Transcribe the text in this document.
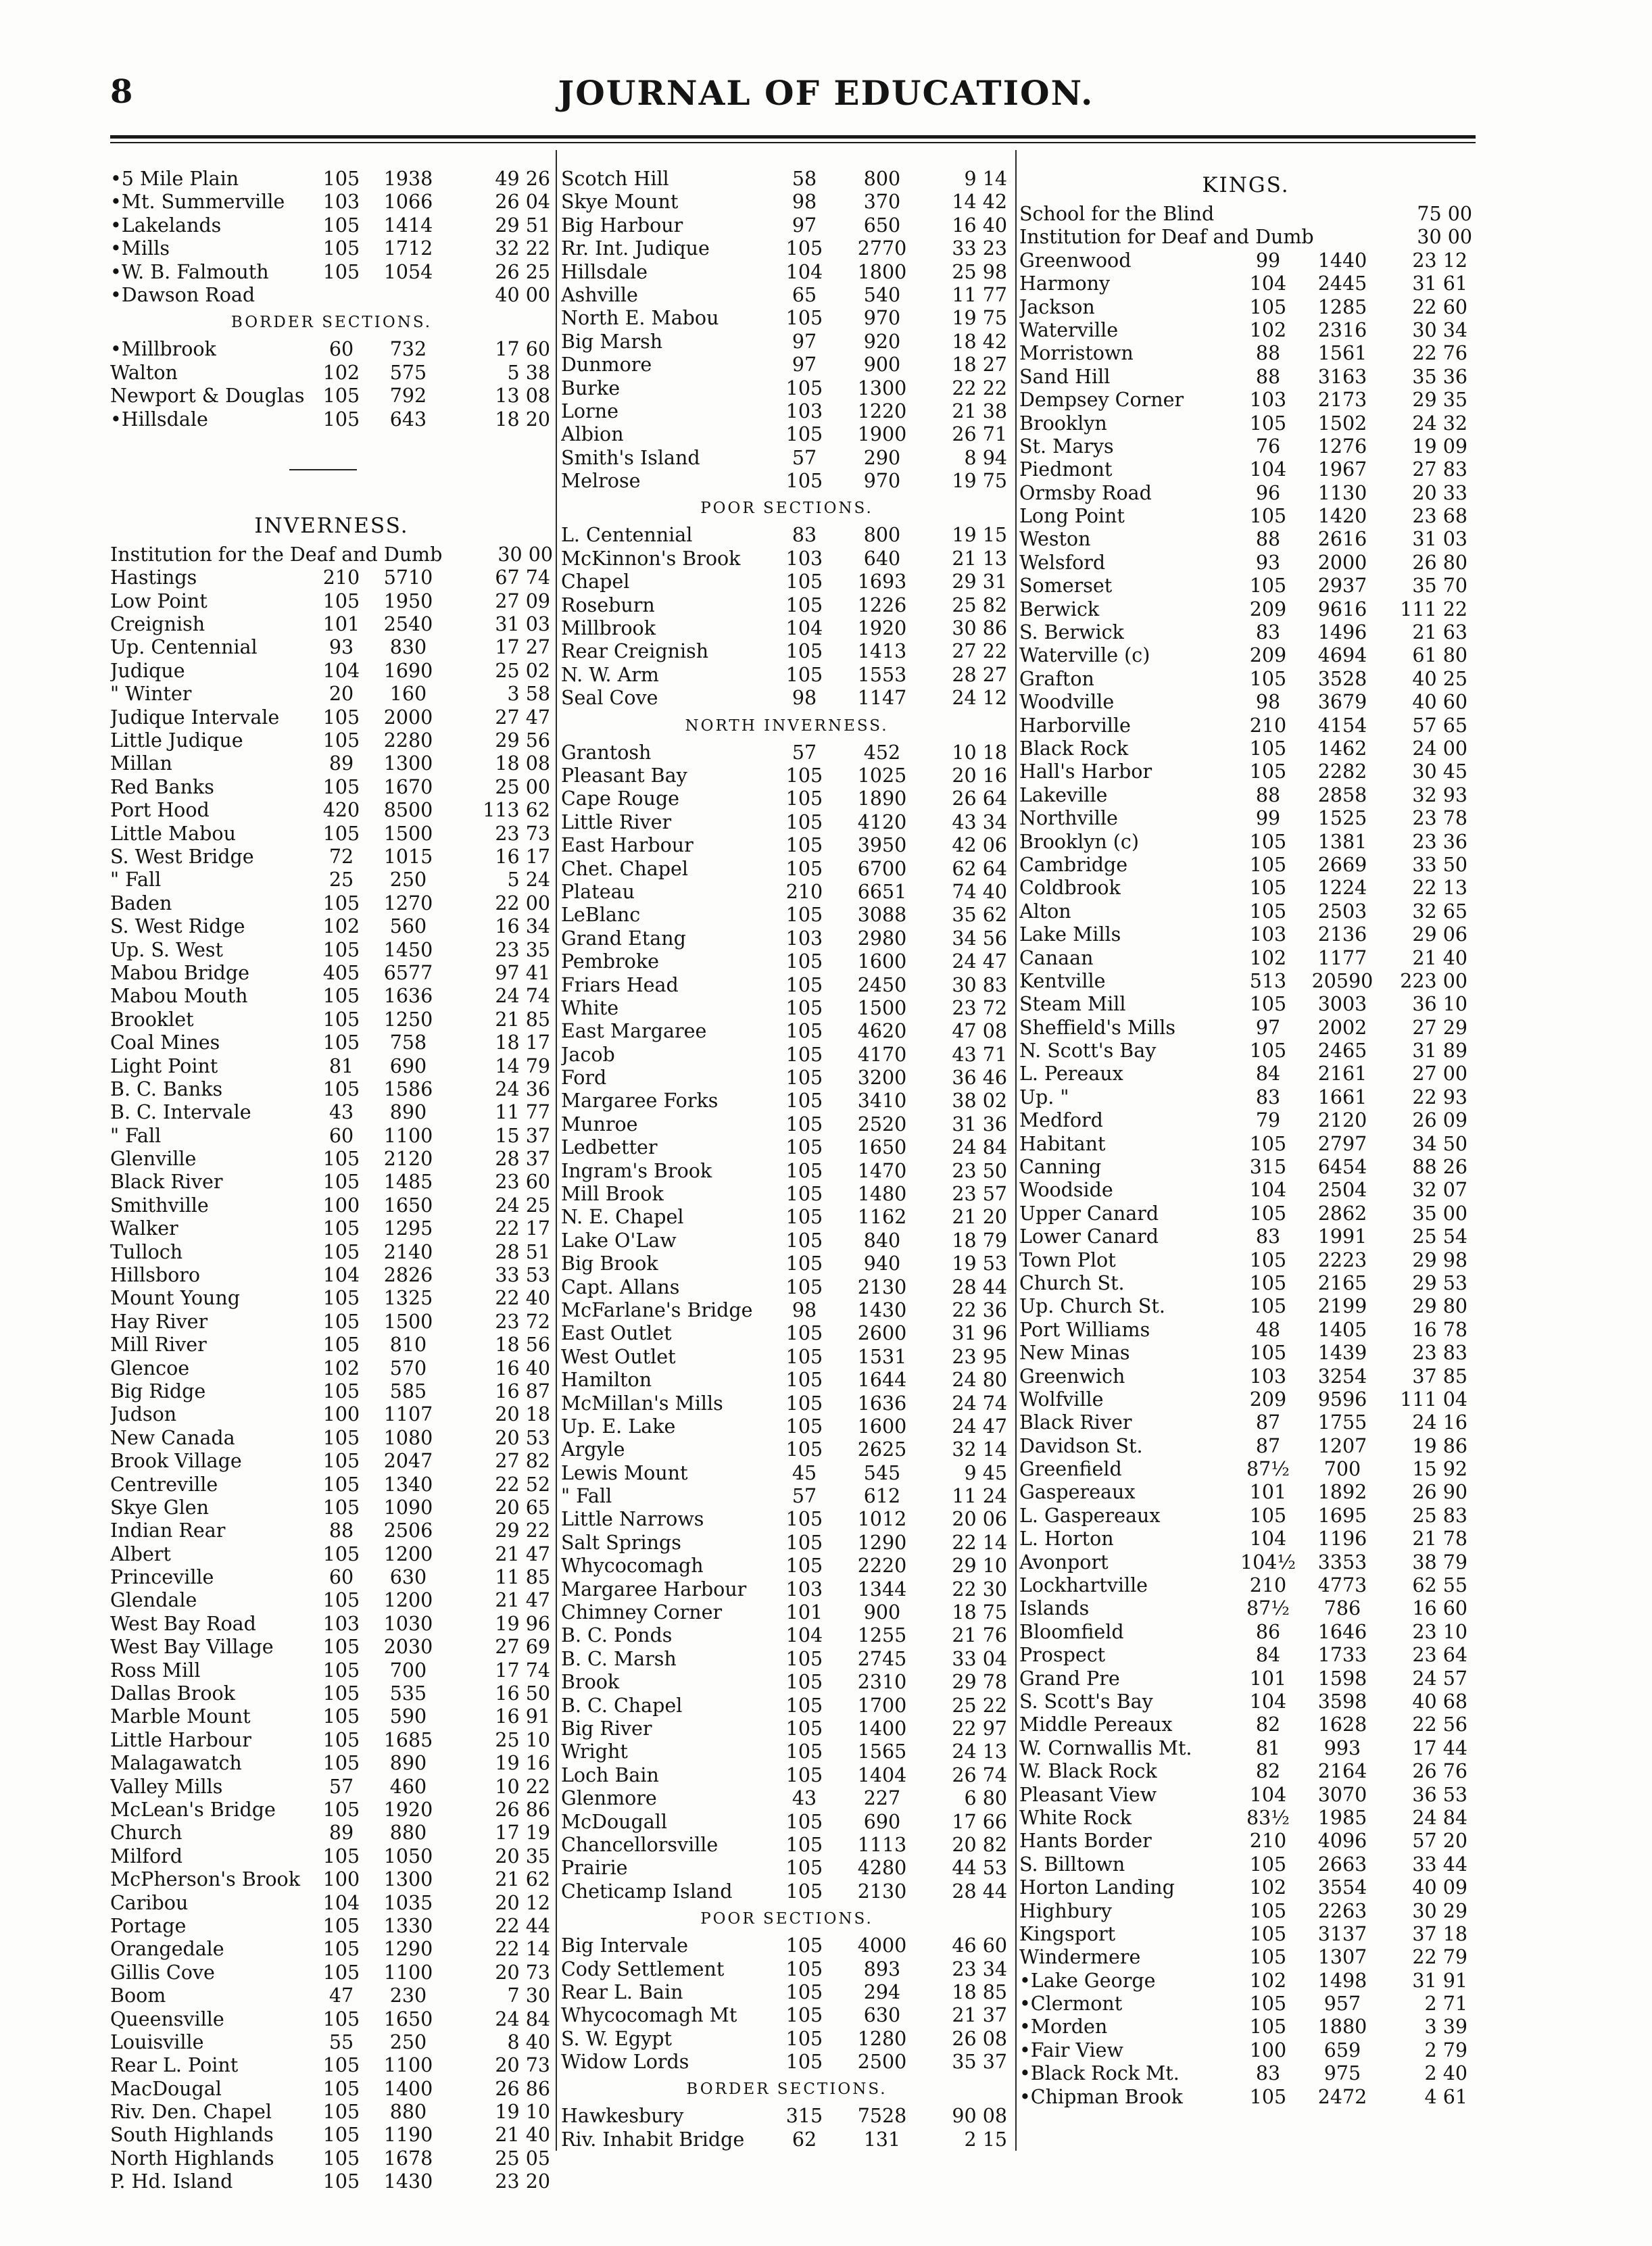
8	JOURNAL OF EDUCATION.
•5 Mile Plain	105	1938	49 26
•Mt. Summerville	103	1066	26 04
•Lakelands	105	1414	29 51
•Mills	105	1712	32 22
•W. B. Falmouth	105	1054	26 25
•Dawson Road	40 00
BORDER SECTIONS.
•Millbrook	60	732	17 60
Walton	102	575	5 38
Newport & Douglas 105	792	13 08
•Hillsdale	105	643	18 20
INVERNESS.
Institution for the Deaf and Dumb	30 00
Hastings	210	5710	67 74
Low Point	105	1950	27 09
Creignish	101	2540	31 03
Up. Centennial	93	830	17 27
Judique	104	1690	25 02
" Winter	20	160	3 58
Judique Intervale	105	2000	27 47
Little Judique	105	2280	29 56
Millan	89	1300	18 08
Red Banks	105	1670	25 00
Port Hood	420	8500	113 62
Little Mabou	105	1500	23 73
S. West Bridge	72	1015	16 17
" Fall	25	250	5 24
Baden	105	1270	22 00
S. West Ridge	102	560	16 34
Up. S. West	105	1450	23 35
Mabou Bridge	405	6577	97 41
Mabou Mouth	105	1636	24 74
Brooklet	105	1250	21 85
Coal Mines	105	758	18 17
Light Point	81	690	14 79
B. C. Banks	105	1586	24 36
B. C. Intervale	43	890	11 77
" Fall	60	1100	15 37
Glenville	105	2120	28 37
Black River	105	1485	23 60
Smithville	100	1650	24 25
Walker	105	1295	22 17
Tulloch	105	2140	28 51
Hillsboro	104	2826	33 53
Mount Young	105	1325	22 40
Hay River	105	1500	23 72
Mill River	105	810	18 56
Glencoe	102	570	16 40
Big Ridge	105	585	16 87
Judson	100	1107	20 18
New Canada	105	1080	20 53
Brook Village	105	2047	27 82
Centreville	105	1340	22 52
Skye Glen	105	1090	20 65
Indian Rear	88	2506	29 22
Albert	105	1200	21 47
Princeville	60	630	11 85
Glendale	105	1200	21 47
West Bay Road	103	1030	19 96
West Bay Village	105	2030	27 69
Ross Mill	105	700	17 74
Dallas Brook	105	535	16 50
Marble Mount	105	590	16 91
Little Harbour	105	1685	25 10
Malagawatch	105	890	19 16
Valley Mills	57	460	10 22
McLean's Bridge	105	1920	26 86
Church	89	880	17 19
Milford	105	1050	20 35
McPherson's Brook	100	1300	21 62
Caribou	104	1035	20 12
Portage	105	1330	22 44
Orangedale	105	1290	22 14
Gillis Cove	105	1100	20 73
Boom	47	230	7 30
Queensville	105	1650	24 84
Louisville	55	250	8 40
Rear L. Point	105	1100	20 73
MacDougal	105	1400	26 86
Riv. Den. Chapel	105	880	19 10
South Highlands	105	1190	21 40
North Highlands	105	1678	25 05
P. Hd. Island	105	1430	23 20
Scotch Hill	58	800	9 14
Skye Mount	98	370	14 42
Big Harbour	97	650	16 40
Rr. Int. Judique	105	2770	33 23
Hillsdale	104	1800	25 98
Ashville	65	540	11 77
North E. Mabou	105	970	19 75
Big Marsh	97	920	18 42
Dunmore	97	900	18 27
Burke	105	1300	22 22
Lorne	103	1220	21 38
Albion	105	1900	26 71
Smith's Island	57	290	8 94
Melrose	105	970	19 75
POOR SECTIONS.
L. Centennial	83	800	19 15
McKinnon's Brook	103	640	21 13
Chapel	105	1693	29 31
Roseburn	105	1226	25 82
Millbrook	104	1920	30 86
Rear Creignish	105	1413	27 22
N. W. Arm	105	1553	28 27
Seal Cove	98	1147	24 12
NORTH INVERNESS.
Grantosh	57	452	10 18
Pleasant Bay	105	1025	20 16
Cape Rouge	105	1890	26 64
Little River	105	4120	43 34
East Harbour	105	3950	42 06
Chet. Chapel	105	6700	62 64
Plateau	210	6651	74 40
LeBlanc	105	3088	35 62
Grand Etang	103	2980	34 56
Pembroke	105	1600	24 47
Friars Head	105	2450	30 83
White	105	1500	23 72
East Margaree	105	4620	47 08
Jacob	105	4170	43 71
Ford	105	3200	36 46
Margaree Forks	105	3410	38 02
Munroe	105	2520	31 36
Ledbetter	105	1650	24 84
Ingram's Brook	105	1470	23 50
Mill Brook	105	1480	23 57
N. E. Chapel	105	1162	21 20
Lake O'Law	105	840	18 79
Big Brook	105	940	19 53
Capt. Allans	105	2130	28 44
McFarlane's Bridge	98	1430	22 36
East Outlet	105	2600	31 96
West Outlet	105	1531	23 95
Hamilton	105	1644	24 80
McMillan's Mills	105	1636	24 74
Up. E. Lake	105	1600	24 47
Argyle	105	2625	32 14
Lewis Mount	45	545	9 45
" Fall	57	612	11 24
Little Narrows	105	1012	20 06
Salt Springs	105	1290	22 14
Whycocomagh	105	2220	29 10
Margaree Harbour	103	1344	22 30
Chimney Corner	101	900	18 75
B. C. Ponds	104	1255	21 76
B. C. Marsh	105	2745	33 04
Brook	105	2310	29 78
B. C. Chapel	105	1700	25 22
Big River	105	1400	22 97
Wright	105	1565	24 13
Loch Bain	105	1404	26 74
Glenmore	43	227	6 80
McDougall	105	690	17 66
Chancellorsville	105	1113	20 82
Prairie	105	4280	44 53
Cheticamp Island	105	2130	28 44
POOR SECTIONS.
Big Intervale	105	4000	46 60
Cody Settlement	105	893	23 34
Rear L. Bain	105	294	18 85
Whycocomagh Mt	105	630	21 37
S. W. Egypt	105	1280	26 08
Widow Lords	105	2500	35 37
BORDER SECTIONS.
Hawkesbury	315	7528	90 08
Riv. Inhabit Bridge	62	131	2 15
KINGS.
School for the Blind	75 00
Institution for Deaf and Dumb	30 00
Greenwood	99	1440	23 12
Harmony	104	2445	31 61
Jackson	105	1285	22 60
Waterville	102	2316	30 34
Morristown	88	1561	22 76
Sand Hill	88	3163	35 36
Dempsey Corner	103	2173	29 35
Brooklyn	105	1502	24 32
St. Marys	76	1276	19 09
Piedmont	104	1967	27 83
Ormsby Road	96	1130	20 33
Long Point	105	1420	23 68
Weston	88	2616	31 03
Welsford	93	2000	26 80
Somerset	105	2937	35 70
Berwick	209	9616	111 22
S. Berwick	83	1496	21 63
Waterville (c)	209	4694	61 80
Grafton	105	3528	40 25
Woodville	98	3679	40 60
Harborville	210	4154	57 65
Black Rock	105	1462	24 00
Hall's Harbor	105	2282	30 45
Lakeville	88	2858	32 93
Northville	99	1525	23 78
Brooklyn (c)	105	1381	23 36
Cambridge	105	2669	33 50
Coldbrook	105	1224	22 13
Alton	105	2503	32 65
Lake Mills	103	2136	29 06
Canaan	102	1177	21 40
Kentville	513	20590	223 00
Steam Mill	105	3003	36 10
Sheffield's Mills	97	2002	27 29
N. Scott's Bay	105	2465	31 89
L. Pereaux	84	2161	27 00
Up. "	83	1661	22 93
Medford	79	2120	26 09
Habitant	105	2797	34 50
Canning	315	6454	88 26
Woodside	104	2504	32 07
Upper Canard	105	2862	35 00
Lower Canard	83	1991	25 54
Town Plot	105	2223	29 98
Church St.	105	2165	29 53
Up. Church St.	105	2199	29 80
Port Williams	48	1405	16 78
New Minas	105	1439	23 83
Greenwich	103	3254	37 85
Wolfville	209	9596	111 04
Black River	87	1755	24 16
Davidson St.	87	1207	19 86
Greenfield	87½	700	15 92
Gaspereaux	101	1892	26 90
L. Gaspereaux	105	1695	25 83
L. Horton	104	1196	21 78
Avonport	104½	3353	38 79
Lockhartville	210	4773	62 55
Islands	87½	786	16 60
Bloomfield	86	1646	23 10
Prospect	84	1733	23 64
Grand Pre	101	1598	24 57
S. Scott's Bay	104	3598	40 68
Middle Pereaux	82	1628	22 56
W. Cornwallis Mt.	81	993	17 44
W. Black Rock	82	2164	26 76
Pleasant View	104	3070	36 53
White Rock	83½	1985	24 84
Hants Border	210	4096	57 20
S. Billtown	105	2663	33 44
Horton Landing	102	3554	40 09
Highbury	105	2263	30 29
Kingsport	105	3137	37 18
Windermere	105	1307	22 79
•Lake George	102	1498	31 91
•Clermont	105	957	2 71
•Morden	105	1880	3 39
•Fair View	100	659	2 79
•Black Rock Mt.	83	975	2 40
•Chipman Brook	105	2472	4 61
